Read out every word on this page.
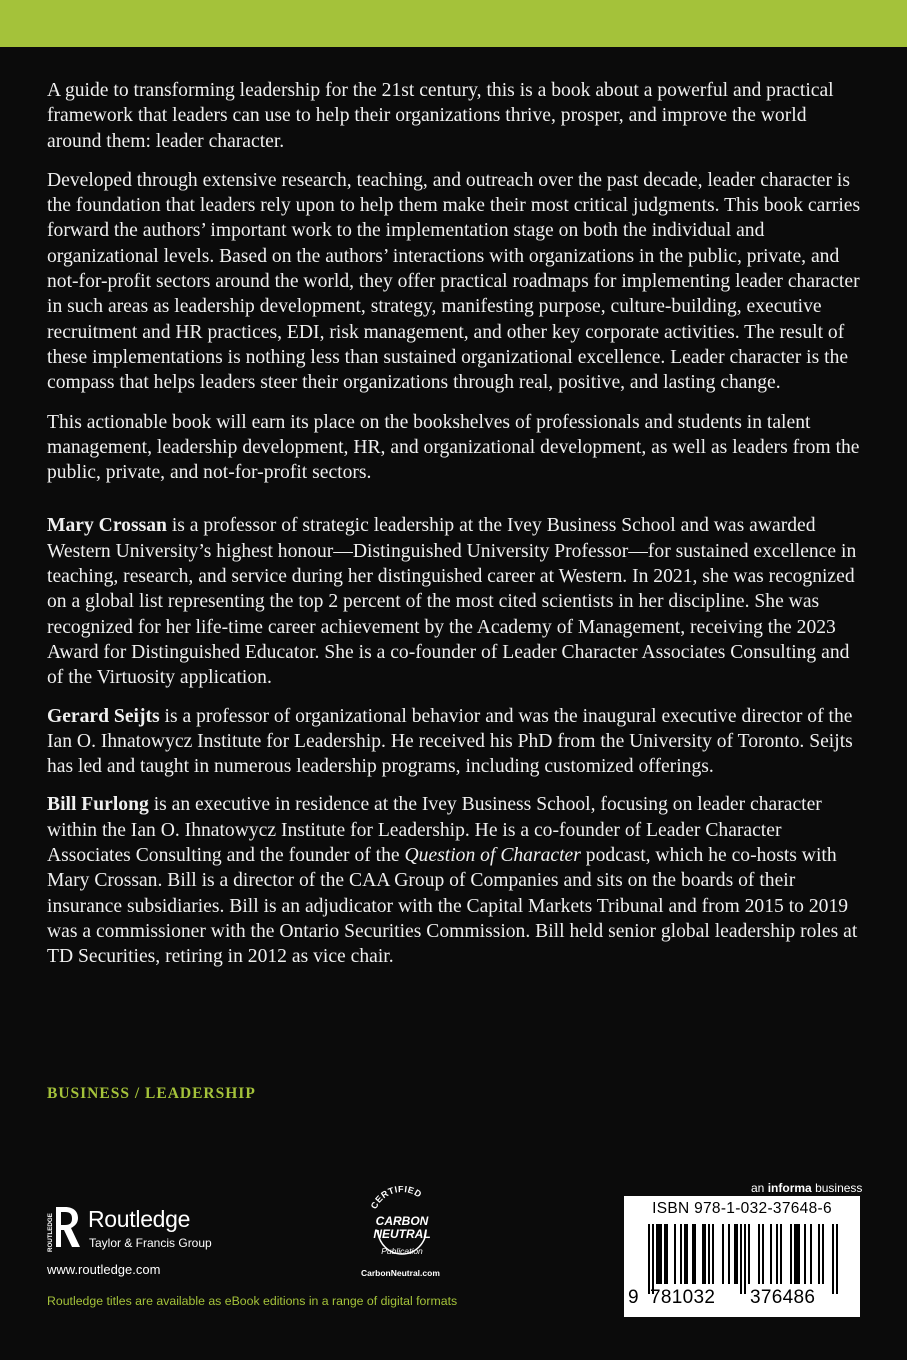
A guide to transforming leadership for the 21st century, this is a book about a powerful and practical framework that leaders can use to help their organizations thrive, prosper, and improve the world around them: leader character.

Developed through extensive research, teaching, and outreach over the past decade, leader character is the foundation that leaders rely upon to help them make their most critical judgments. This book carries forward the authors’ important work to the implementation stage on both the individual and organizational levels. Based on the authors’ interactions with organizations in the public, private, and not-for-profit sectors around the world, they offer practical roadmaps for implementing leader character in such areas as leadership development, strategy, manifesting purpose, culture-building, executive recruitment and HR practices, EDI, risk management, and other key corporate activities. The result of these implementations is nothing less than sustained organizational excellence. Leader character is the compass that helps leaders steer their organizations through real, positive, and lasting change.

This actionable book will earn its place on the bookshelves of professionals and students in talent management, leadership development, HR, and organizational development, as well as leaders from the public, private, and not-for-profit sectors.

Mary Crossan is a professor of strategic leadership at the Ivey Business School and was awarded Western University’s highest honour—Distinguished University Professor—for sustained excellence in teaching, research, and service during her distinguished career at Western. In 2021, she was recognized on a global list representing the top 2 percent of the most cited scientists in her discipline. She was recognized for her life-time career achievement by the Academy of Management, receiving the 2023 Award for Distinguished Educator. She is a co-founder of Leader Character Associates Consulting and of the Virtuosity application.

Gerard Seijts is a professor of organizational behavior and was the inaugural executive director of the Ian O. Ihnatowycz Institute for Leadership. He received his PhD from the University of Toronto. Seijts has led and taught in numerous leadership programs, including customized offerings.

Bill Furlong is an executive in residence at the Ivey Business School, focusing on leader character within the Ian O. Ihnatowycz Institute for Leadership. He is a co-founder of Leader Character Associates Consulting and the founder of the Question of Character podcast, which he co-hosts with Mary Crossan. Bill is a director of the CAA Group of Companies and sits on the boards of their insurance subsidiaries. Bill is an adjudicator with the Capital Markets Tribunal and from 2015 to 2019 was a commissioner with the Ontario Securities Commission. Bill held senior global leadership roles at TD Securities, retiring in 2012 as vice chair.

BUSINESS / LEADERSHIP
ROUTLEDGE Routledge
Taylor & Francis Group
www.routledge.com
Routledge titles are available as eBook editions in a range of digital formats
CERTIFIED
CARBON
NEUTRAL
Publication
CarbonNeutral.com
an informa business
ISBN 978-1-032-37648-6
9 781032 376486
